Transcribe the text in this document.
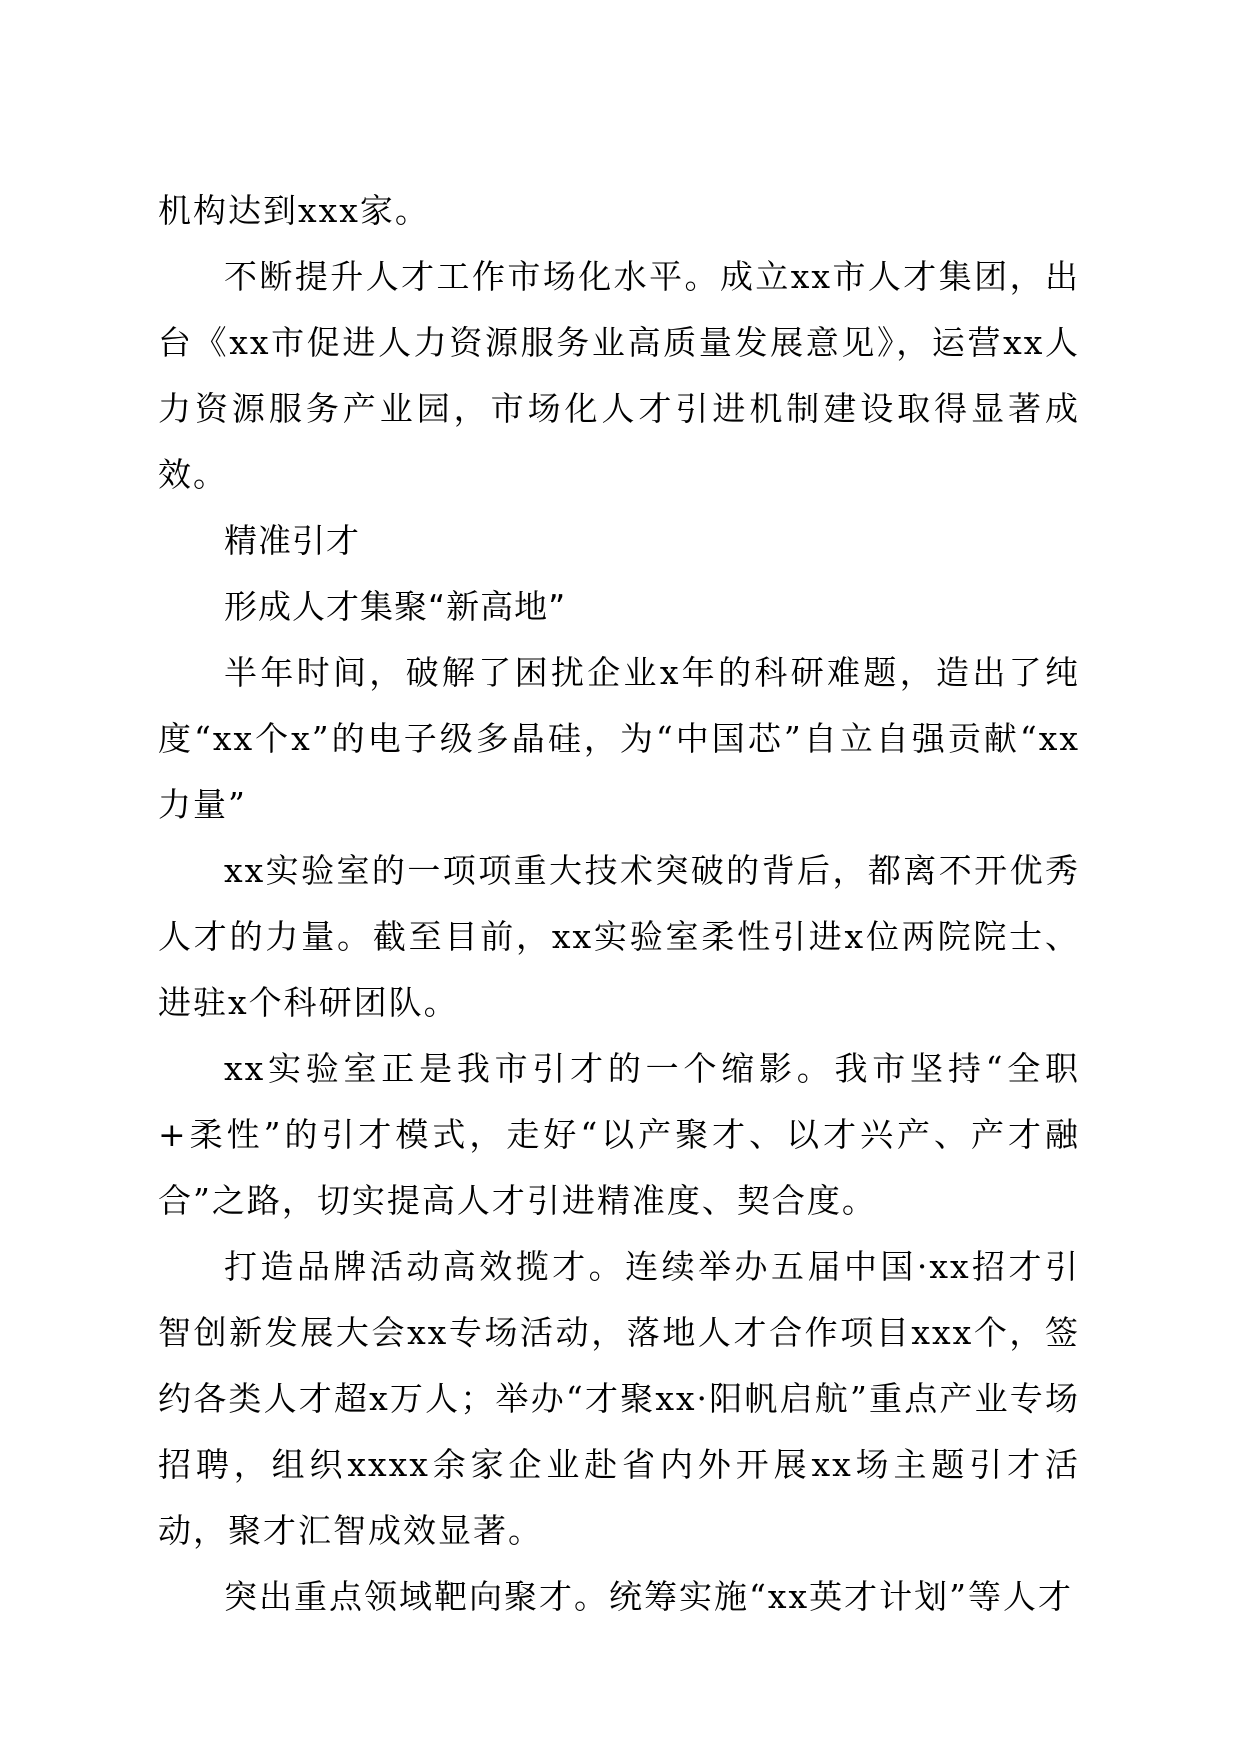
机构达到xxx家。

不断提升人才工作市场化水平。成立xx市人才集团，出台《xx市促进人力资源服务业高质量发展意见》，运营xx人力资源服务产业园，市场化人才引进机制建设取得显著成效。

精准引才

形成人才集聚“新高地”

半年时间，破解了困扰企业x年的科研难题，造出了纯度“xx个x”的电子级多晶硅，为“中国芯”自立自强贡献“xx力量”

xx实验室的一项项重大技术突破的背后，都离不开优秀人才的力量。截至目前，xx实验室柔性引进x位两院院士、进驻x个科研团队。

xx实验室正是我市引才的一个缩影。我市坚持“全职+柔性”的引才模式，走好“以产聚才、以才兴产、产才融合”之路，切实提高人才引进精准度、契合度。

打造品牌活动高效揽才。连续举办五届中国·xx招才引智创新发展大会xx专场活动，落地人才合作项目xxx个，签约各类人才超x万人；举办“才聚xx·阳帆启航”重点产业专场招聘，组织xxxx余家企业赴省内外开展xx场主题引才活动，聚才汇智成效显著。

突出重点领域靶向聚才。统筹实施“xx英才计划”等人才
